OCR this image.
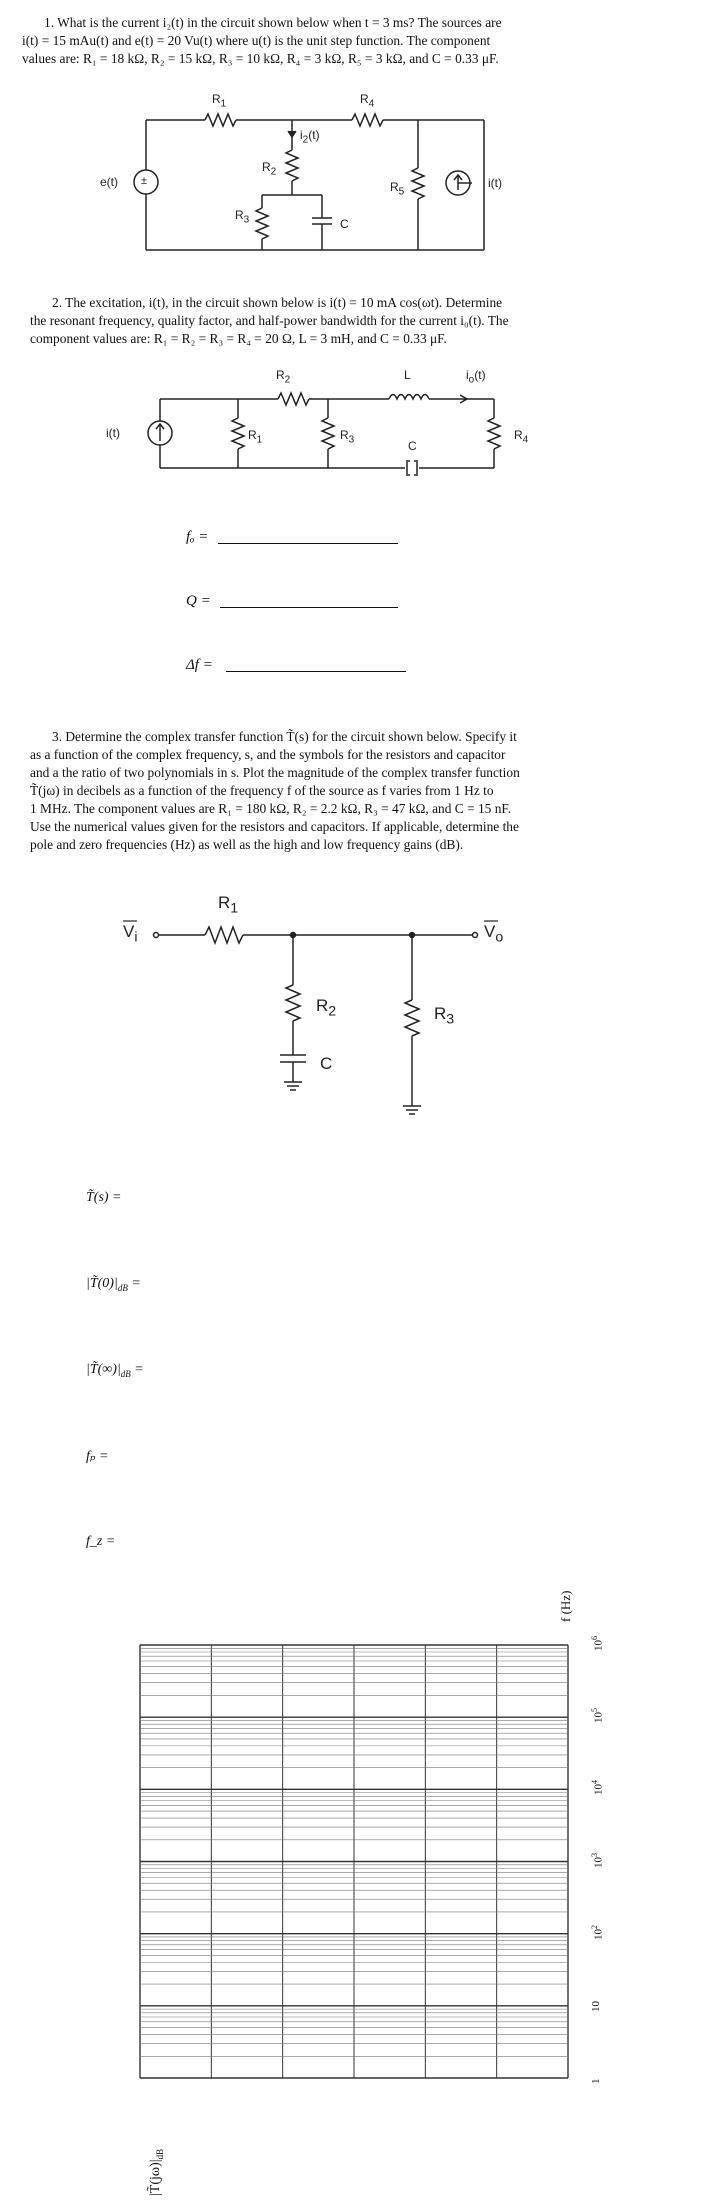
1. What is the current i₂(t) in the circuit shown below when t = 3 ms? The sources are
i(t) = 15 mAu(t) and e(t) = 20 Vu(t) where u(t) is the unit step function. The component
values are: R₁ = 18 kΩ, R₂ = 15 kΩ, R₃ = 10 kΩ, R₄ = 3 kΩ, R₅ = 3 kΩ, and C = 0.33 μF.
$R_1$	$R_4$
$i_2(t)$
$R_2$
e(t) ±	$R_5$
i(t)
$R_3$	C
2. The excitation, i(t), in the circuit shown below is i(t) = 10 mA cos(ωt). Determine
the resonant frequency, quality factor, and half-power bandwidth for the current i₀(t). The
component values are: R₁ = R₂ = R₃ = R₄ = 20 Ω, L = 3 mH, and C = 0.33 μF.
$R_2$	L	$i_o(t)$
i(t)	$R_1$	$R_3$	C
$R_4$
fₒ =
Q =
Δf =
3. Determine the complex transfer function T̃(s) for the circuit shown below. Specify it
as a function of the complex frequency, s, and the symbols for the resistors and capacitor
and a the ratio of two polynomials in s. Plot the magnitude of the complex transfer function
T̃(jω) in decibels as a function of the frequency f of the source as f varies from 1 Hz to
1 MHz. The component values are R₁ = 180 kΩ, R₂ = 2.2 kΩ, R₃ = 47 kΩ, and C = 15 nF.
Use the numerical values given for the resistors and capacitors. If applicable, determine the
pole and zero frequencies (Hz) as well as the high and low frequency gains (dB).
$V_i$
$R_1$
$V_o$
$R_2$
C
$R_3$
T̃(s) =
$|T̃(0)|_{dB}$ =
$|T̃(\infty)|_{dB}$ =
fₚ =
f_z =
f (Hz)
$|T̃(j\omega)|_{dB}$
1
10
$10^2$
$10^3$
$10^4$
$10^5$
$10^6$
